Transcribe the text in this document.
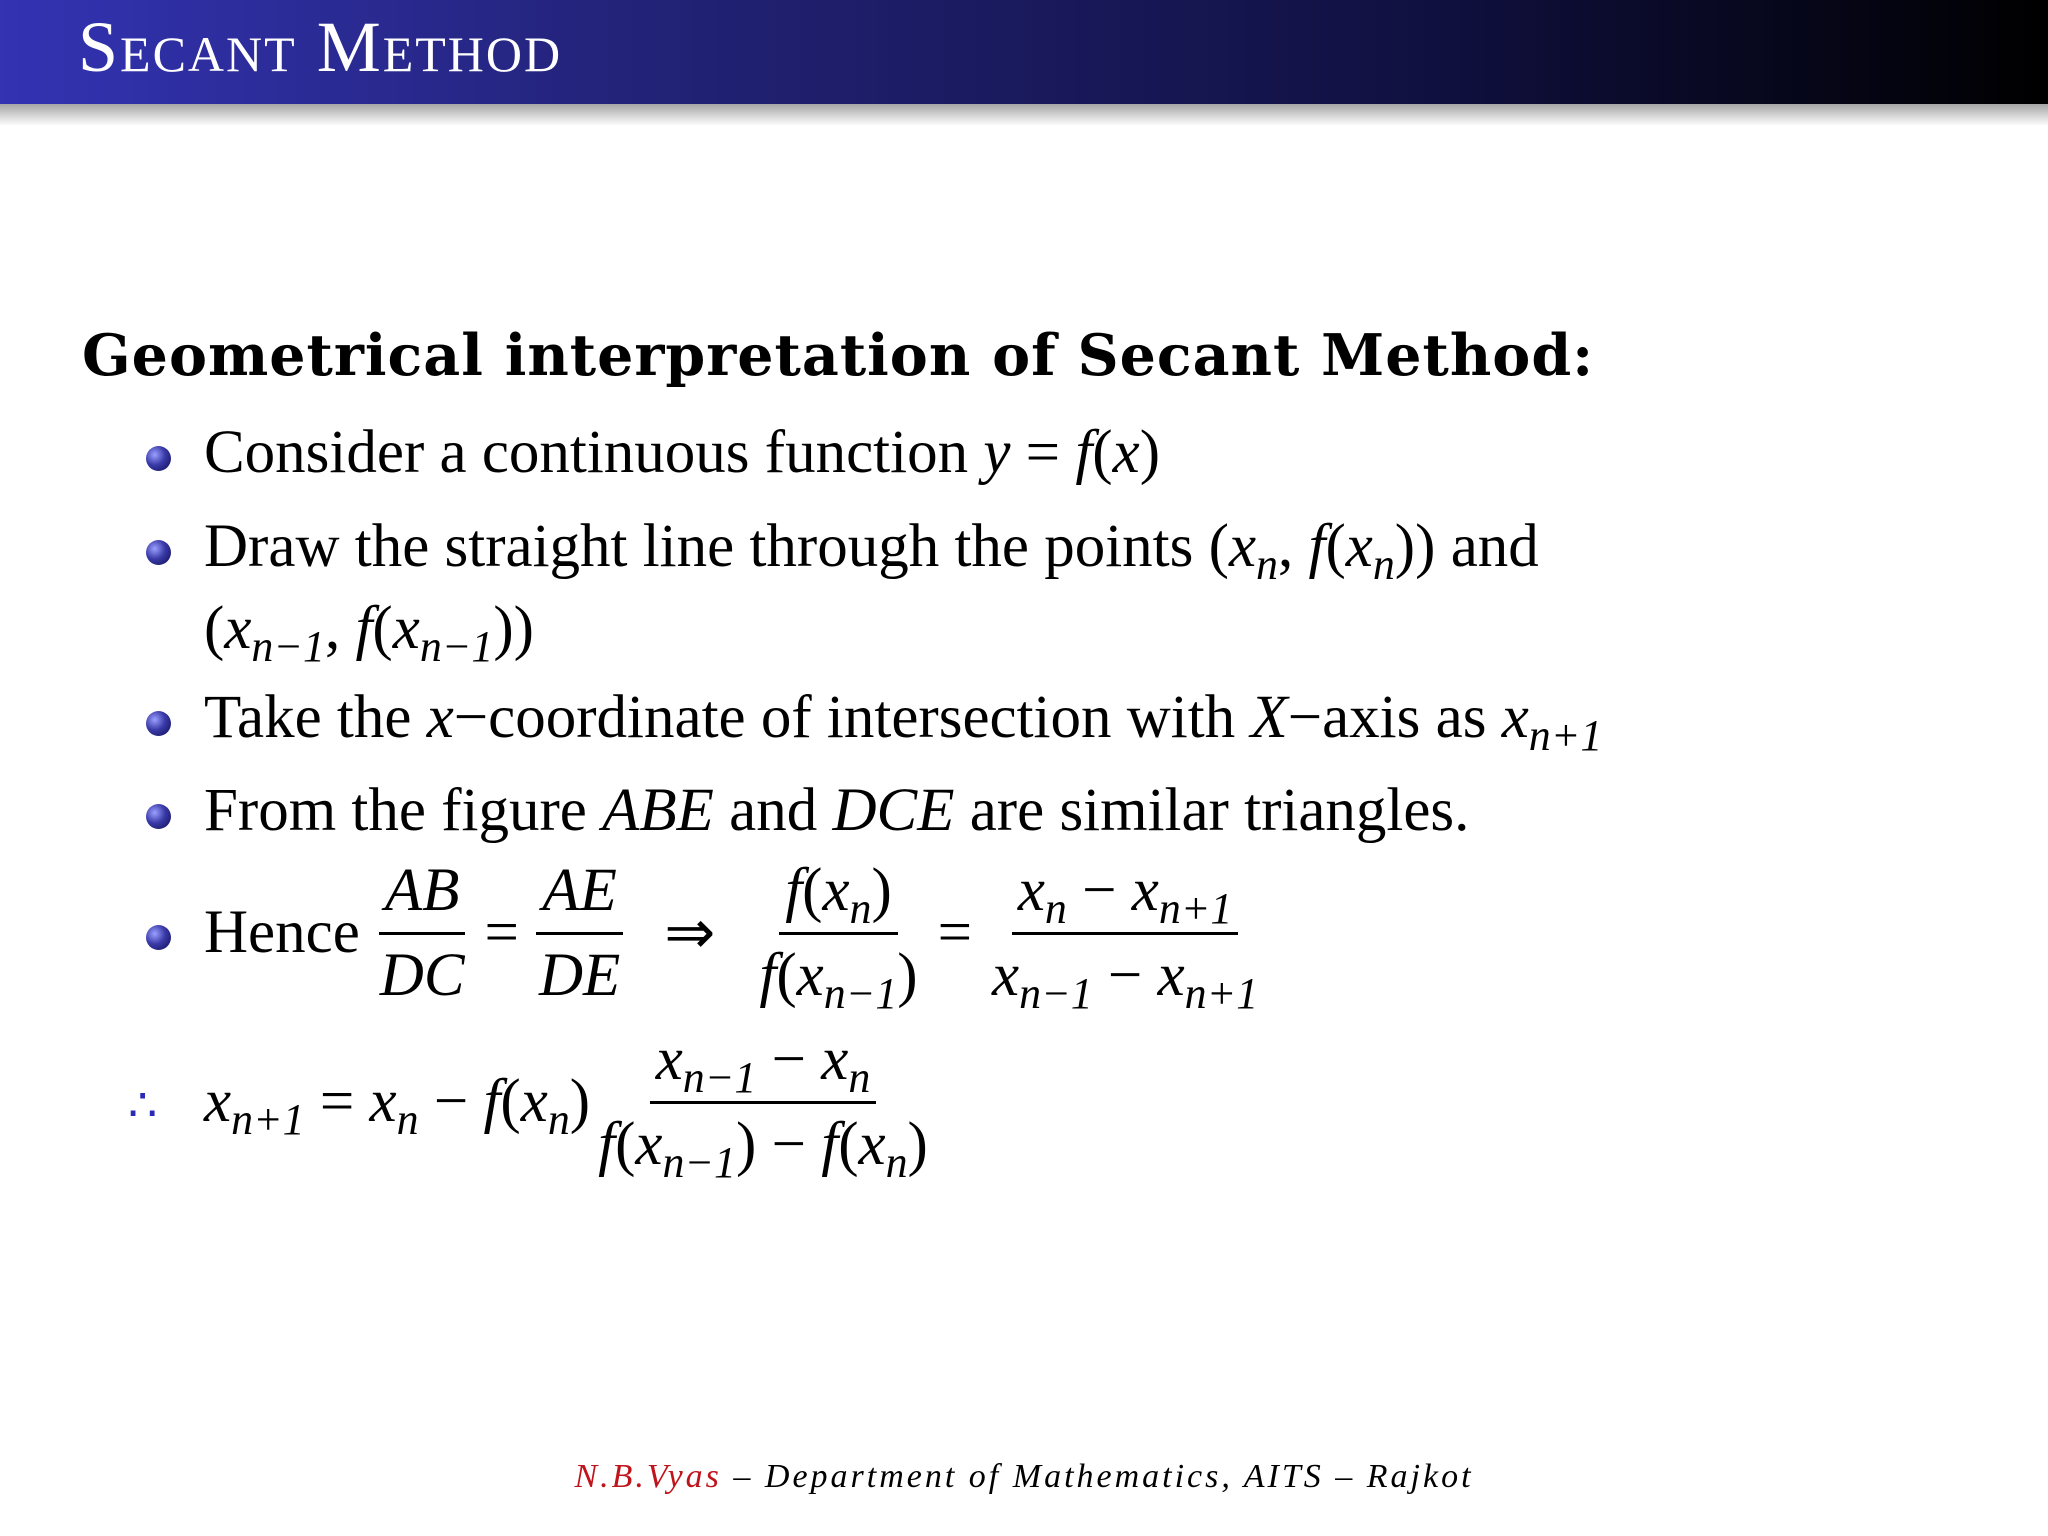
Secant Method
Geometrical interpretation of Secant Method:
Consider a continuous function y = f(x)
Draw the straight line through the points ($x_n$, $f(x_n)$) and
($x_{n-1}$, $f(x_{n-1})$)
Take the x−coordinate of intersection with X−axis as $x_{n+1}$
From the figure ABE and DCE are similar triangles.
Hence $\frac{AB}{DC} = \frac{AE}{DE}$ ⇒ $\frac{f(x_n)}{f(x_{n-1})} = \frac{x_n - x_{n+1}}{x_{n-1} - x_{n+1}}$
∴ $x_{n+1} = x_n - f(x_n) \frac{x_{n-1} - x_n}{f(x_{n-1}) - f(x_n)}$
N.B.Vyas – Department of Mathematics, AITS – Rajkot
